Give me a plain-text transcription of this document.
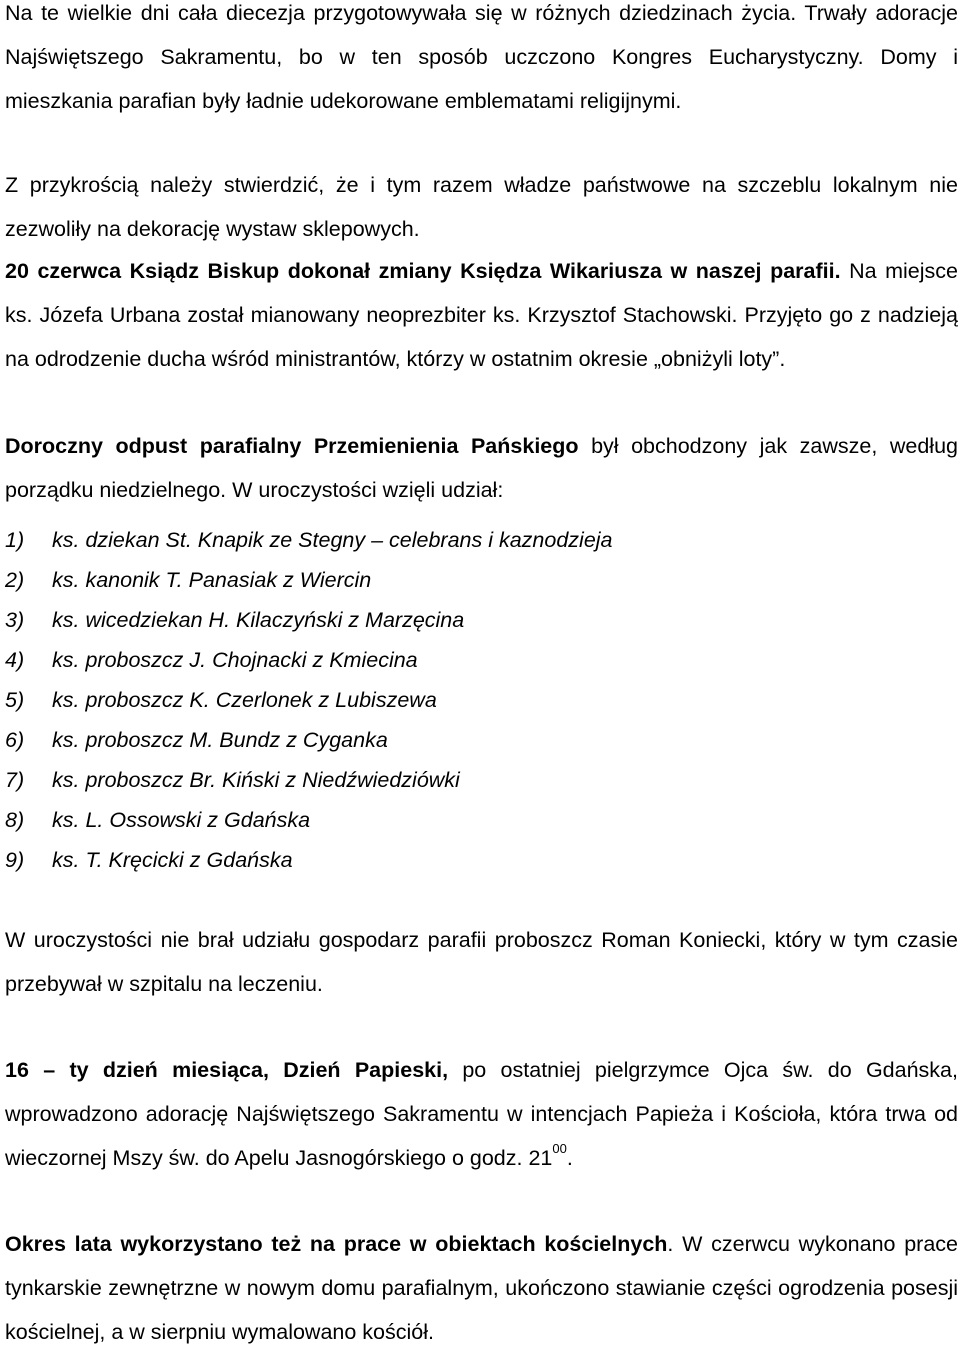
Na te wielkie dni cała diecezja przygotowywała się w różnych dziedzinach życia. Trwały adoracje Najświętszego Sakramentu, bo w ten sposób uczczono Kongres Eucharystyczny. Domy i mieszkania parafian były ładnie udekorowane emblematami religijnymi.

Z przykrością należy stwierdzić, że i tym razem władze państwowe na szczeblu lokalnym nie zezwoliły na dekorację wystaw sklepowych.

20 czerwca Ksiądz Biskup dokonał zmiany Księdza Wikariusza w naszej parafii. Na miejsce ks. Józefa Urbana został mianowany neoprezbiter ks. Krzysztof Stachowski. Przyjęto go z nadzieją na odrodzenie ducha wśród ministrantów, którzy w ostatnim okresie „obniżyli loty”.

Doroczny odpust parafialny Przemienienia Pańskiego był obchodzony jak zawsze, według porządku niedzielnego. W uroczystości wzięli udział:

1)	ks. dziekan St. Knapik ze Stegny – celebrans i kaznodzieja
2)	ks. kanonik T. Panasiak z Wiercin
3)	ks. wicedziekan H. Kilaczyński z Marzęcina
4)	ks. proboszcz J. Chojnacki z Kmiecina
5)	ks. proboszcz K. Czerlonek z Lubiszewa
6)	ks. proboszcz M. Bundz z Cyganka
7)	ks. proboszcz Br. Kiński z Niedźwiedziówki
8)	ks. L. Ossowski z Gdańska
9)	ks. T. Kręcicki z Gdańska

W uroczystości nie brał udziału gospodarz parafii proboszcz Roman Koniecki, który w tym czasie przebywał w szpitalu na leczeniu.

16 – ty dzień miesiąca, Dzień Papieski, po ostatniej pielgrzymce Ojca św. do Gdańska, wprowadzono adorację Najświętszego Sakramentu w intencjach Papieża i Kościoła, która trwa od wieczornej Mszy św. do Apelu Jasnogórskiego o godz. $21^{00}$.

Okres lata wykorzystano też na prace w obiektach kościelnych. W czerwcu wykonano prace tynkarskie zewnętrzne w nowym domu parafialnym, ukończono stawianie części ogrodzenia posesji kościelnej, a w sierpniu wymalowano kościół.
